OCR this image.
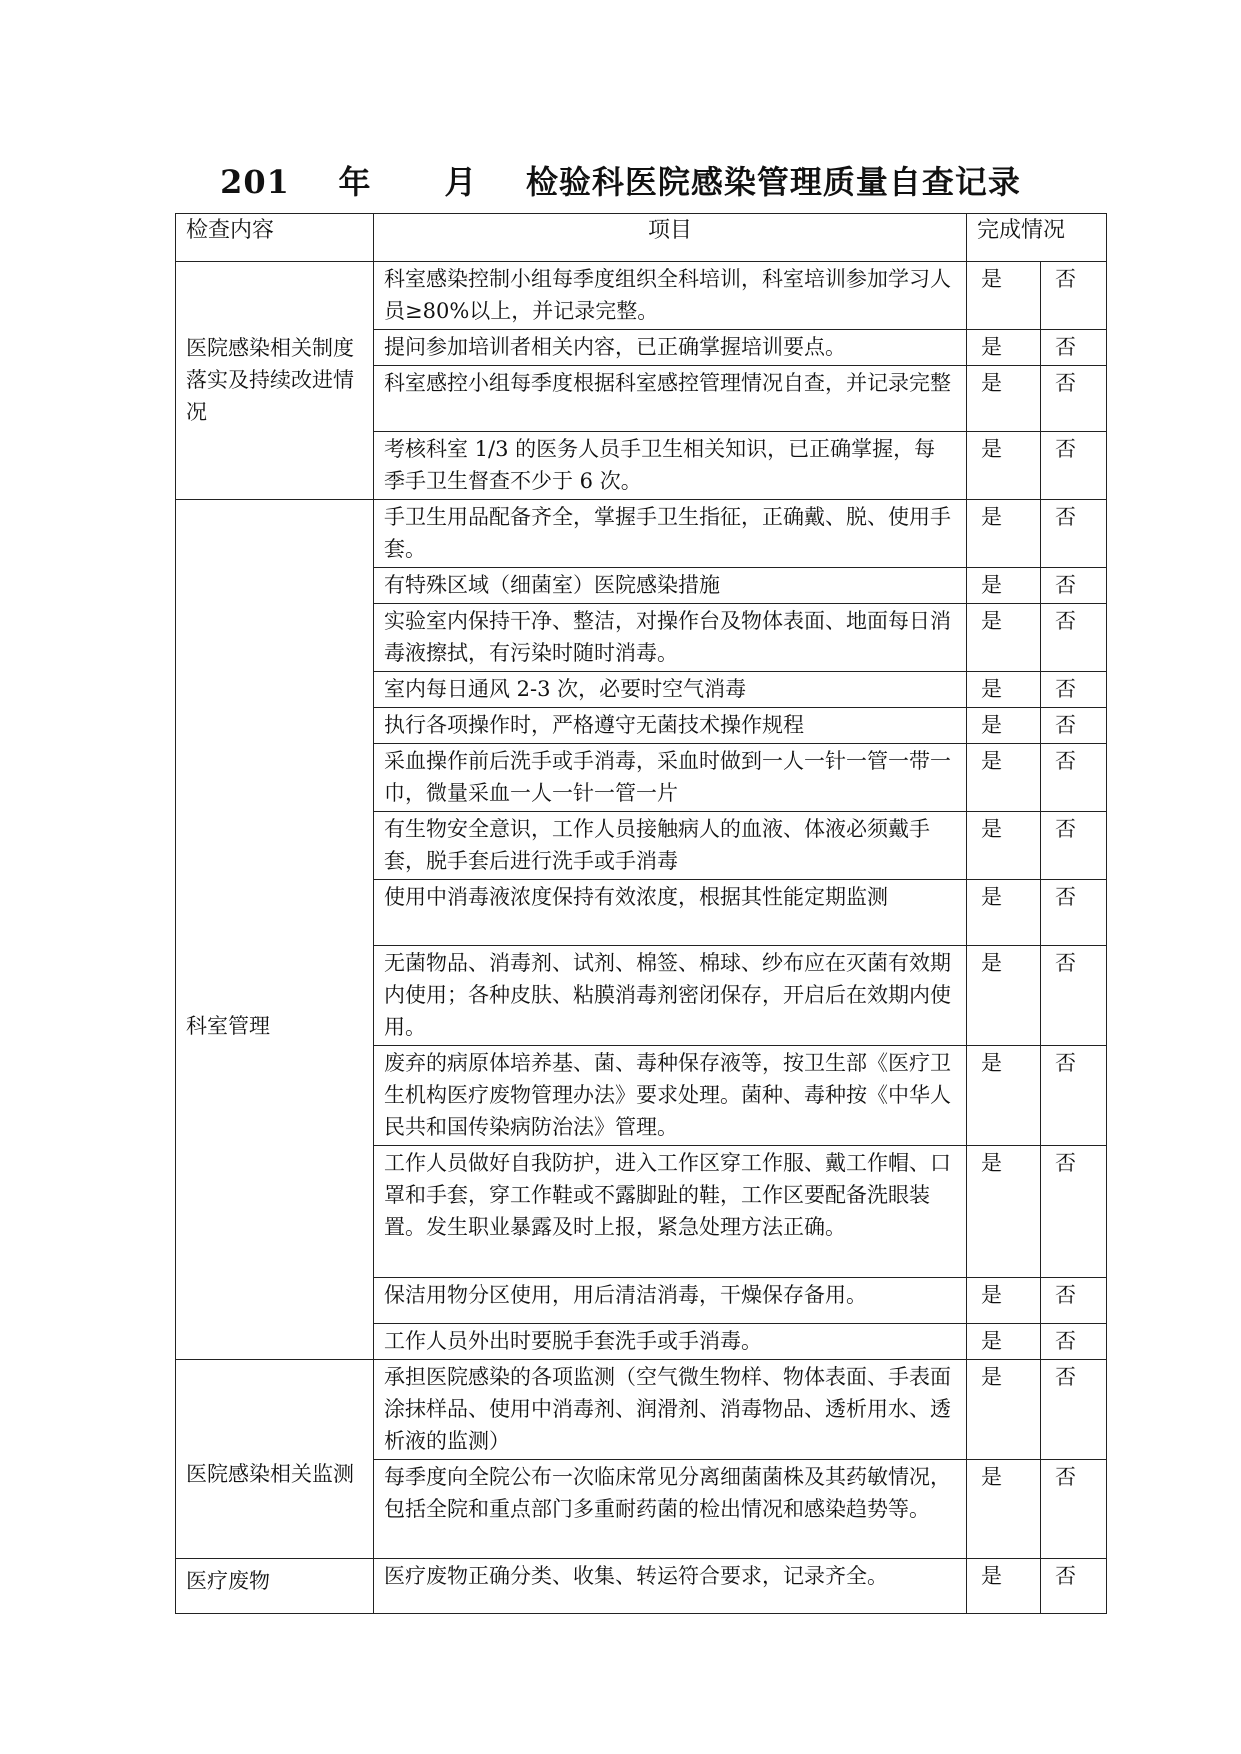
201    年      月    检验科医院感染管理质量自查记录
检查内容	项目	完成情况	
医院感染相关制度落实及持续改进情况	科室感染控制小组每季度组织全科培训，科室培训参加学习人员≥80%以上，并记录完整。	是	否
	提问参加培训者相关内容，已正确掌握培训要点。	是	否
	科室感控小组每季度根据科室感控管理情况自查，并记录完整	是	否
	考核科室 1/3 的医务人员手卫生相关知识，已正确掌握，每季手卫生督查不少于 6 次。	是	否
科室管理	手卫生用品配备齐全，掌握手卫生指征，正确戴、脱、使用手套。	是	否
	有特殊区域（细菌室）医院感染措施	是	否
	实验室内保持干净、整洁，对操作台及物体表面、地面每日消毒液擦拭，有污染时随时消毒。	是	否
	室内每日通风 2-3 次，必要时空气消毒	是	否
	执行各项操作时，严格遵守无菌技术操作规程	是	否
	采血操作前后洗手或手消毒，采血时做到一人一针一管一带一巾，微量采血一人一针一管一片	是	否
	有生物安全意识，工作人员接触病人的血液、体液必须戴手套，脱手套后进行洗手或手消毒	是	否
	使用中消毒液浓度保持有效浓度，根据其性能定期监测	是	否
	无菌物品、消毒剂、试剂、棉签、棉球、纱布应在灭菌有效期内使用；各种皮肤、粘膜消毒剂密闭保存，开启后在效期内使用。	是	否
	废弃的病原体培养基、菌、毒种保存液等，按卫生部《医疗卫生机构医疗废物管理办法》要求处理。菌种、毒种按《中华人民共和国传染病防治法》管理。	是	否
	工作人员做好自我防护，进入工作区穿工作服、戴工作帽、口罩和手套，穿工作鞋或不露脚趾的鞋，工作区要配备洗眼装置。发生职业暴露及时上报，紧急处理方法正确。	是	否
	保洁用物分区使用，用后清洁消毒，干燥保存备用。	是	否
	工作人员外出时要脱手套洗手或手消毒。	是	否
医院感染相关监测	承担医院感染的各项监测（空气微生物样、物体表面、手表面涂抹样品、使用中消毒剂、润滑剂、消毒物品、透析用水、透析液的监测）	是	否
	每季度向全院公布一次临床常见分离细菌菌株及其药敏情况，包括全院和重点部门多重耐药菌的检出情况和感染趋势等。	是	否
医疗废物	医疗废物正确分类、收集、转运符合要求，记录齐全。	是	否
